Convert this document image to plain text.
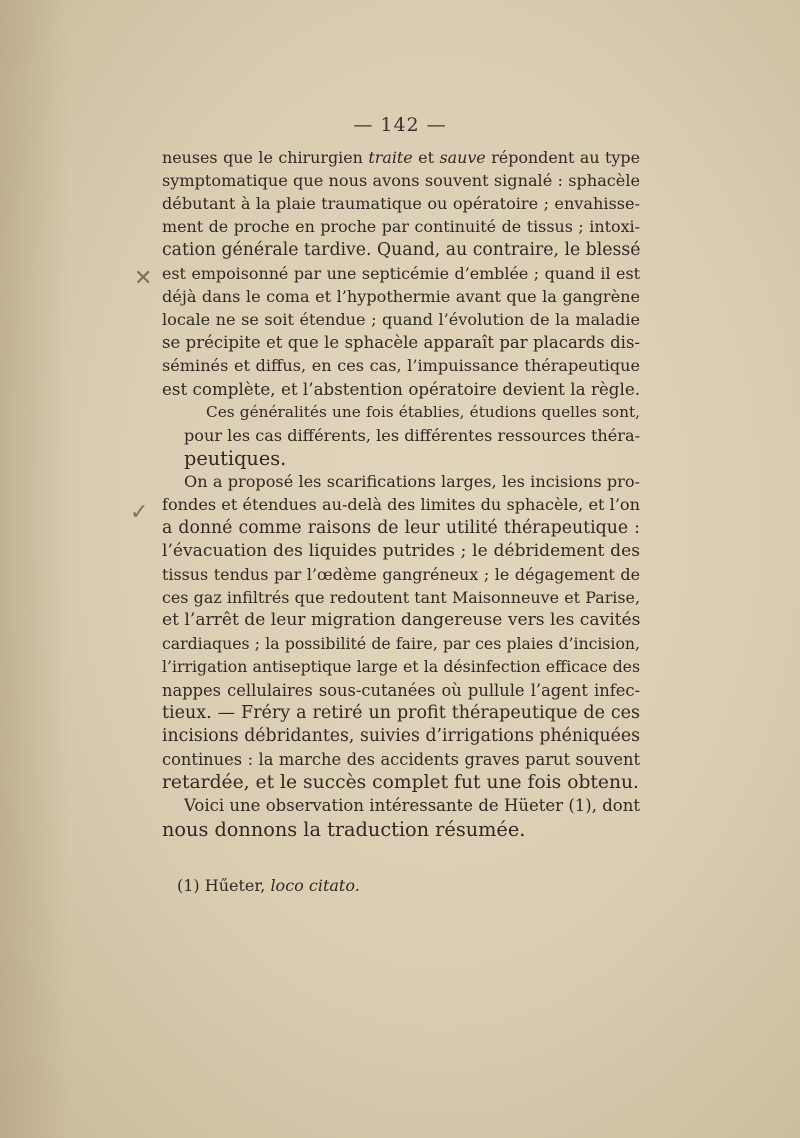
— 142 —
✕
✓

neuses que le chirurgien traite et sauve répondent au type
symptomatique que nous avons souvent signalé : sphacèle
débutant à la plaie traumatique ou opératoire ; envahisse-
ment de proche en proche par continuité de tissus ; intoxi-
cation générale tardive. Quand, au contraire, le blessé
est empoisonné par une septicémie d’emblée ; quand il est
déjà dans le coma et l’hypothermie avant que la gangrène
locale ne se soit étendue ; quand l’évolution de la maladie
se précipite et que le sphacèle apparaît par placards dis-
séminés et diffus, en ces cas, l’impuissance thérapeutique
est complète, et l’abstention opératoire devient la règle.

Ces généralités une fois établies, étudions quelles sont,
pour les cas différents, les différentes ressources théra-
peutiques.

On a proposé les scarifications larges, les incisions pro-
fondes et étendues au-delà des limites du sphacèle, et l’on
a donné comme raisons de leur utilité thérapeutique :
l’évacuation des liquides putrides ; le débridement des
tissus tendus par l’œdème gangréneux ; le dégagement de
ces gaz infiltrés que redoutent tant Maisonneuve et Parise,
et l’arrêt de leur migration dangereuse vers les cavités
cardiaques ; la possibilité de faire, par ces plaies d’incision,
l’irrigation antiseptique large et la désinfection efficace des
nappes cellulaires sous-cutanées où pullule l’agent infec-
tieux. — Fréry a retiré un profit thérapeutique de ces
incisions débridantes, suivies d’irrigations phéniquées
continues : la marche des accidents graves parut souvent
retardée, et le succès complet fut une fois obtenu.

Voici une observation intéressante de Hüeter (1), dont
nous donnons la traduction résumée.

(1) Hűeter, loco citato.
